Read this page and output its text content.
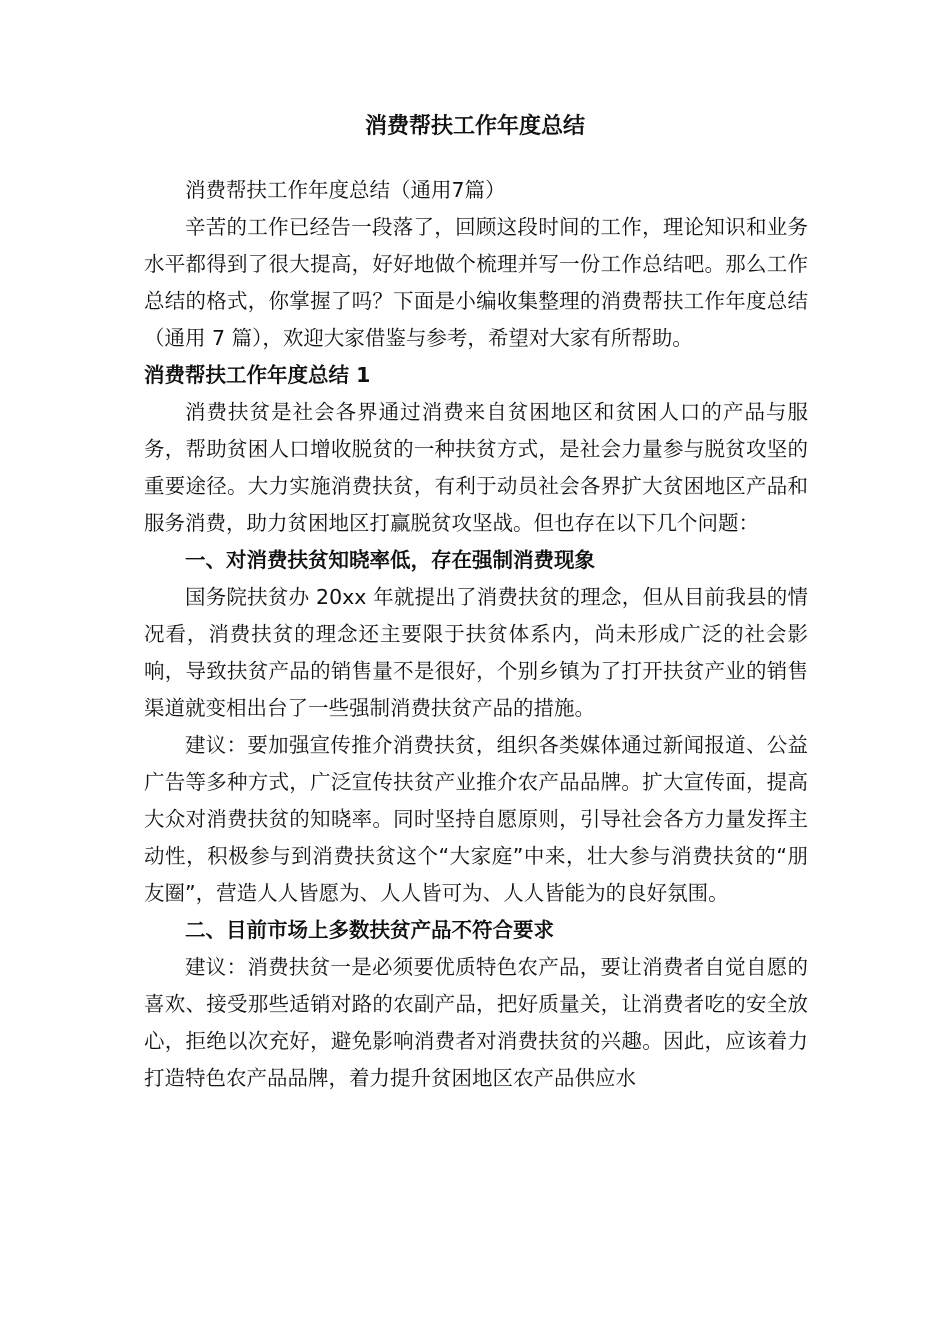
消费帮扶工作年度总结

消费帮扶工作年度总结（通用7篇）

辛苦的工作已经告一段落了，回顾这段时间的工作，理论知识和业务水平都得到了很大提高，好好地做个梳理并写一份工作总结吧。那么工作总结的格式，你掌握了吗？下面是小编收集整理的消费帮扶工作年度总结（通用 7 篇），欢迎大家借鉴与参考，希望对大家有所帮助。

消费帮扶工作年度总结 1

消费扶贫是社会各界通过消费来自贫困地区和贫困人口的产品与服务，帮助贫困人口增收脱贫的一种扶贫方式，是社会力量参与脱贫攻坚的重要途径。大力实施消费扶贫，有利于动员社会各界扩大贫困地区产品和服务消费，助力贫困地区打赢脱贫攻坚战。但也存在以下几个问题：

一、对消费扶贫知晓率低，存在强制消费现象

国务院扶贫办 20xx 年就提出了消费扶贫的理念，但从目前我县的情况看，消费扶贫的理念还主要限于扶贫体系内，尚未形成广泛的社会影响，导致扶贫产品的销售量不是很好，个别乡镇为了打开扶贫产业的销售渠道就变相出台了一些强制消费扶贫产品的措施。

建议：要加强宣传推介消费扶贫，组织各类媒体通过新闻报道、公益广告等多种方式，广泛宣传扶贫产业推介农产品品牌。扩大宣传面，提高大众对消费扶贫的知晓率。同时坚持自愿原则，引导社会各方力量发挥主动性，积极参与到消费扶贫这个“大家庭”中来，壮大参与消费扶贫的“朋友圈”，营造人人皆愿为、人人皆可为、人人皆能为的良好氛围。

二、目前市场上多数扶贫产品不符合要求

建议：消费扶贫一是必须要优质特色农产品，要让消费者自觉自愿的喜欢、接受那些适销对路的农副产品，把好质量关，让消费者吃的安全放心，拒绝以次充好，避免影响消费者对消费扶贫的兴趣。因此，应该着力打造特色农产品品牌，着力提升贫困地区农产品供应水
